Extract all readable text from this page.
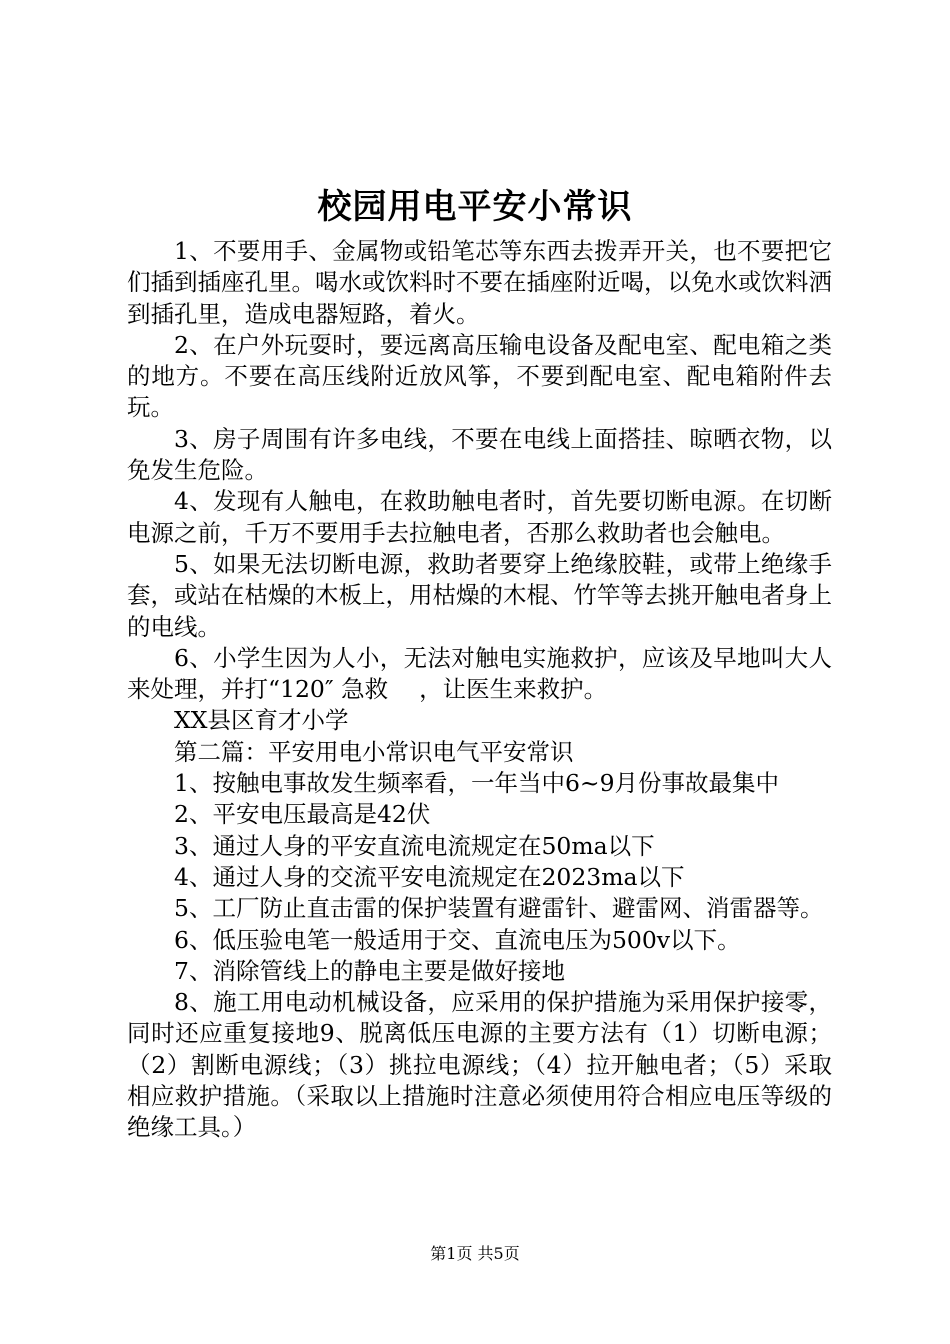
校园用电平安小常识

1、不要用手、金属物或铅笔芯等东西去拨弄开关，也不要把它们插到插座孔里。喝水或饮料时不要在插座附近喝，以免水或饮料洒到插孔里，造成电器短路，着火。

2、在户外玩耍时，要远离高压输电设备及配电室、配电箱之类的地方。不要在高压线附近放风筝，不要到配电室、配电箱附件去玩。

3、房子周围有许多电线，不要在电线上面搭挂、晾晒衣物，以免发生危险。

4、发现有人触电，在救助触电者时，首先要切断电源。在切断电源之前，千万不要用手去拉触电者，否那么救助者也会触电。

5、如果无法切断电源，救助者要穿上绝缘胶鞋，或带上绝缘手套，或站在枯燥的木板上，用枯燥的木棍、竹竿等去挑开触电者身上的电线。

6、小学生因为人小，无法对触电实施救护，应该及早地叫大人来处理，并打“120″ 急救　 ，让医生来救护。

XX县区育才小学

第二篇：平安用电小常识电气平安常识

1、按触电事故发生频率看，一年当中6~9月份事故最集中

2、平安电压最高是42伏

3、通过人身的平安直流电流规定在50ma以下

4、通过人身的交流平安电流规定在2023ma以下

5、工厂防止直击雷的保护装置有避雷针、避雷网、消雷器等。

6、低压验电笔一般适用于交、直流电压为500v以下。

7、消除管线上的静电主要是做好接地

8、施工用电动机械设备，应采用的保护措施为采用保护接零，同时还应重复接地9、脱离低压电源的主要方法有（1）切断电源；（2）割断电源线；（3）挑拉电源线；（4）拉开触电者；（5）采取相应救护措施。（采取以上措施时注意必须使用符合相应电压等级的绝缘工具。）

第1页 共5页
